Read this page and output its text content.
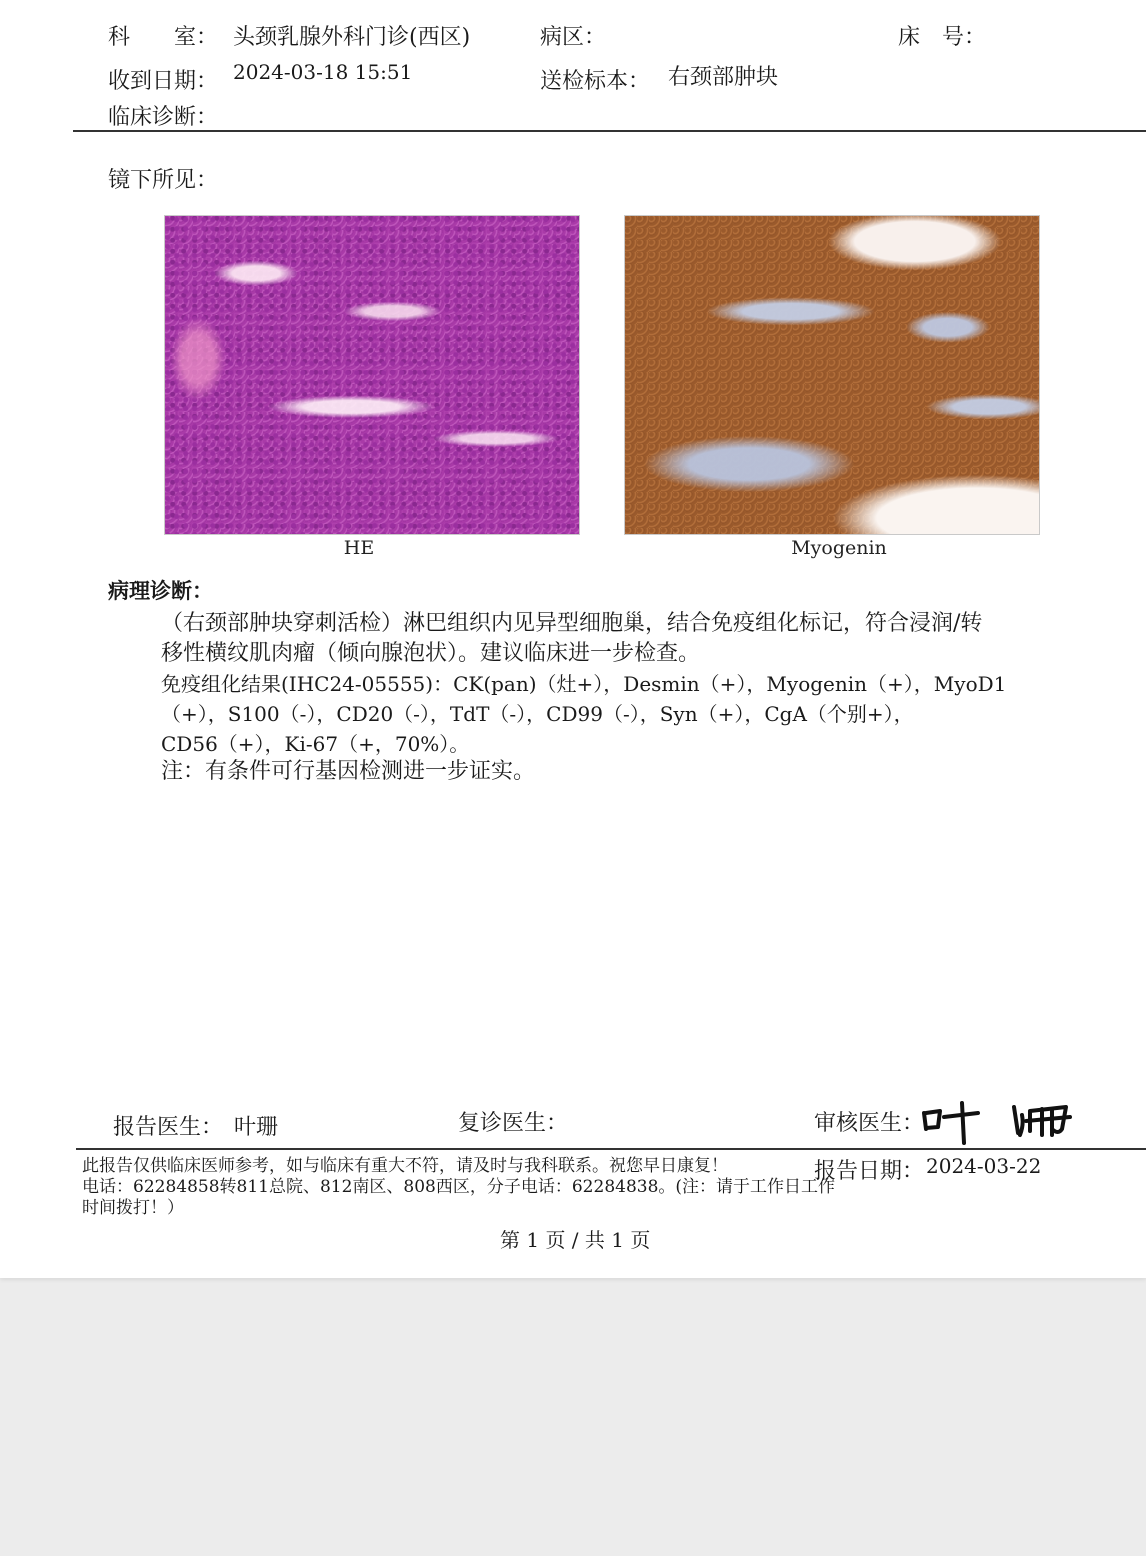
科　　室： 头颈乳腺外科门诊(西区)	病区：	床　号：
收到日期： 2024-03-18 15:51	送检标本： 右颈部肿块
临床诊断：
镜下所见：
HE	Myogenin
病理诊断：
（右颈部肿块穿刺活检）淋巴组织内见异型细胞巢，结合免疫组化标记，符合浸润/转
移性横纹肌肉瘤（倾向腺泡状）。建议临床进一步检查。
免疫组化结果(IHC24-05555)：CK(pan)（灶+），Desmin（+），Myogenin（+），MyoD1
（+），S100（-），CD20（-），TdT（-），CD99（-），Syn（+），CgA（个别+），
CD56（+），Ki-67（+，70%）。
注：有条件可行基因检测进一步证实。
报告医生： 叶珊	复诊医生：	审核医生：
此报告仅供临床医师参考，如与临床有重大不符，请及时与我科联系。祝您早日康复！	报告日期： 2024-03-22
电话：62284858转811总院、812南区、808西区，分子电话：62284838。(注：请于工作日工作
时间拨打！）
第 1 页 / 共 1 页
